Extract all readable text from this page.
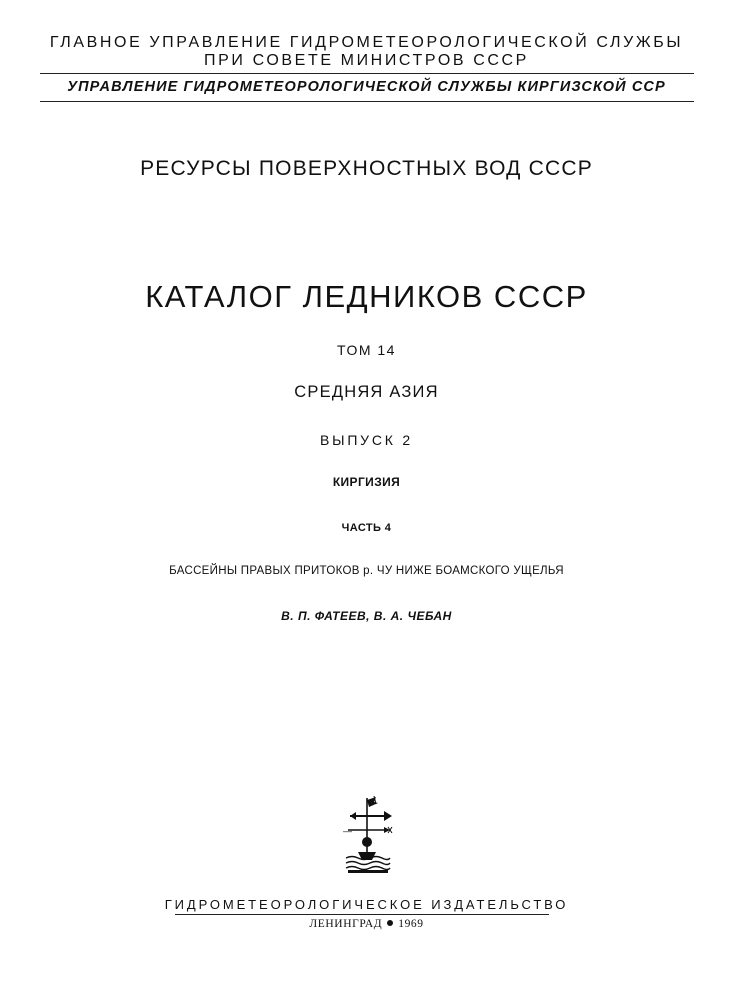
ГЛАВНОЕ УПРАВЛЕНИЕ ГИДРОМЕТЕОРОЛОГИЧЕСКОЙ СЛУЖБЫ
ПРИ СОВЕТЕ МИНИСТРОВ СССР
УПРАВЛЕНИЕ ГИДРОМЕТЕОРОЛОГИЧЕСКОЙ СЛУЖБЫ КИРГИЗСКОЙ ССР
РЕСУРСЫ ПОВЕРХНОСТНЫХ ВОД СССР
КАТАЛОГ ЛЕДНИКОВ СССР
ТОМ 14
СРЕДНЯЯ АЗИЯ
ВЫПУСК 2
КИРГИЗИЯ
ЧАСТЬ 4
БАССЕЙНЫ ПРАВЫХ ПРИТОКОВ р. ЧУ НИЖЕ БОАМСКОГО УЩЕЛЬЯ
В. П. ФАТЕЕВ, В. А. ЧЕБАН
—
ГИДРОМЕТЕОРОЛОГИЧЕСКОЕ ИЗДАТЕЛЬСТВО
ЛЕНИНГРАД 1969
